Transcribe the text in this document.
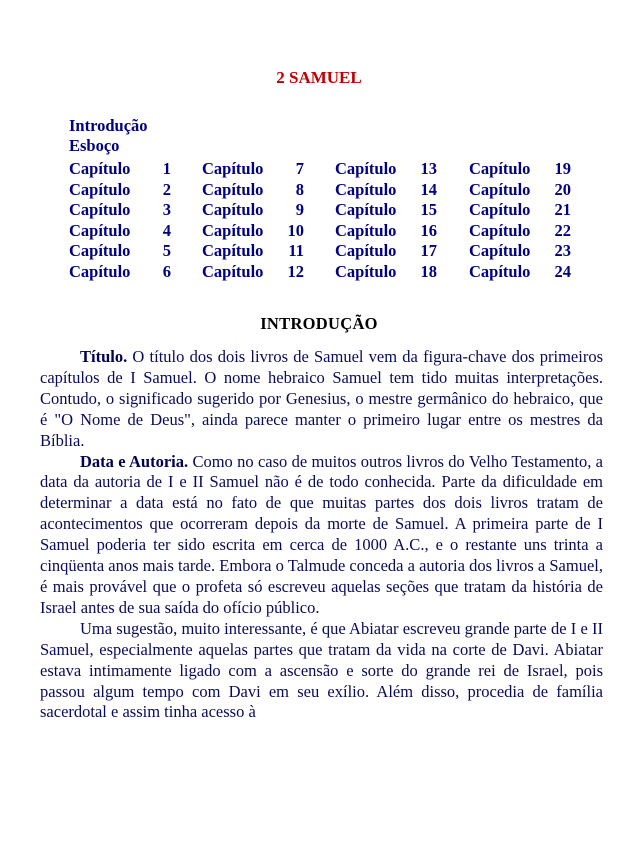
2 SAMUEL
Introdução
Esboço
Capítulo 1
Capítulo 2
Capítulo 3
Capítulo 4
Capítulo 5
Capítulo 6
Capítulo 7
Capítulo 8
Capítulo 9
Capítulo 10
Capítulo 11
Capítulo 12
Capítulo 13
Capítulo 14
Capítulo 15
Capítulo 16
Capítulo 17
Capítulo 18
Capítulo 19
Capítulo 20
Capítulo 21
Capítulo 22
Capítulo 23
Capítulo 24
INTRODUÇÃO

Título. O título dos dois livros de Samuel vem da figura-chave dos primeiros capítulos de I Samuel. O nome hebraico Samuel tem tido muitas interpretações. Contudo, o significado sugerido por Genesius, o mestre germânico do hebraico, que é "O Nome de Deus", ainda parece manter o primeiro lugar entre os mestres da Bíblia.

Data e Autoria. Como no caso de muitos outros livros do Velho Testamento, a data da autoria de I e II Samuel não é de todo conhecida. Parte da dificuldade em determinar a data está no fato de que muitas partes dos dois livros tratam de acontecimentos que ocorreram depois da morte de Samuel. A primeira parte de I Samuel poderia ter sido escrita em cerca de 1000 A.C., e o restante uns trinta a cinqüenta anos mais tarde. Embora o Talmude conceda a autoria dos livros a Samuel, é mais provável que o profeta só escreveu aquelas seções que tratam da história de Israel antes de sua saída do ofício público.

Uma sugestão, muito interessante, é que Abiatar escreveu grande parte de I e II Samuel, especialmente aquelas partes que tratam da vida na corte de Davi. Abiatar estava intimamente ligado com a ascensão e sorte do grande rei de Israel, pois passou algum tempo com Davi em seu exílio. Além disso, procedia de família sacerdotal e assim tinha acesso à
